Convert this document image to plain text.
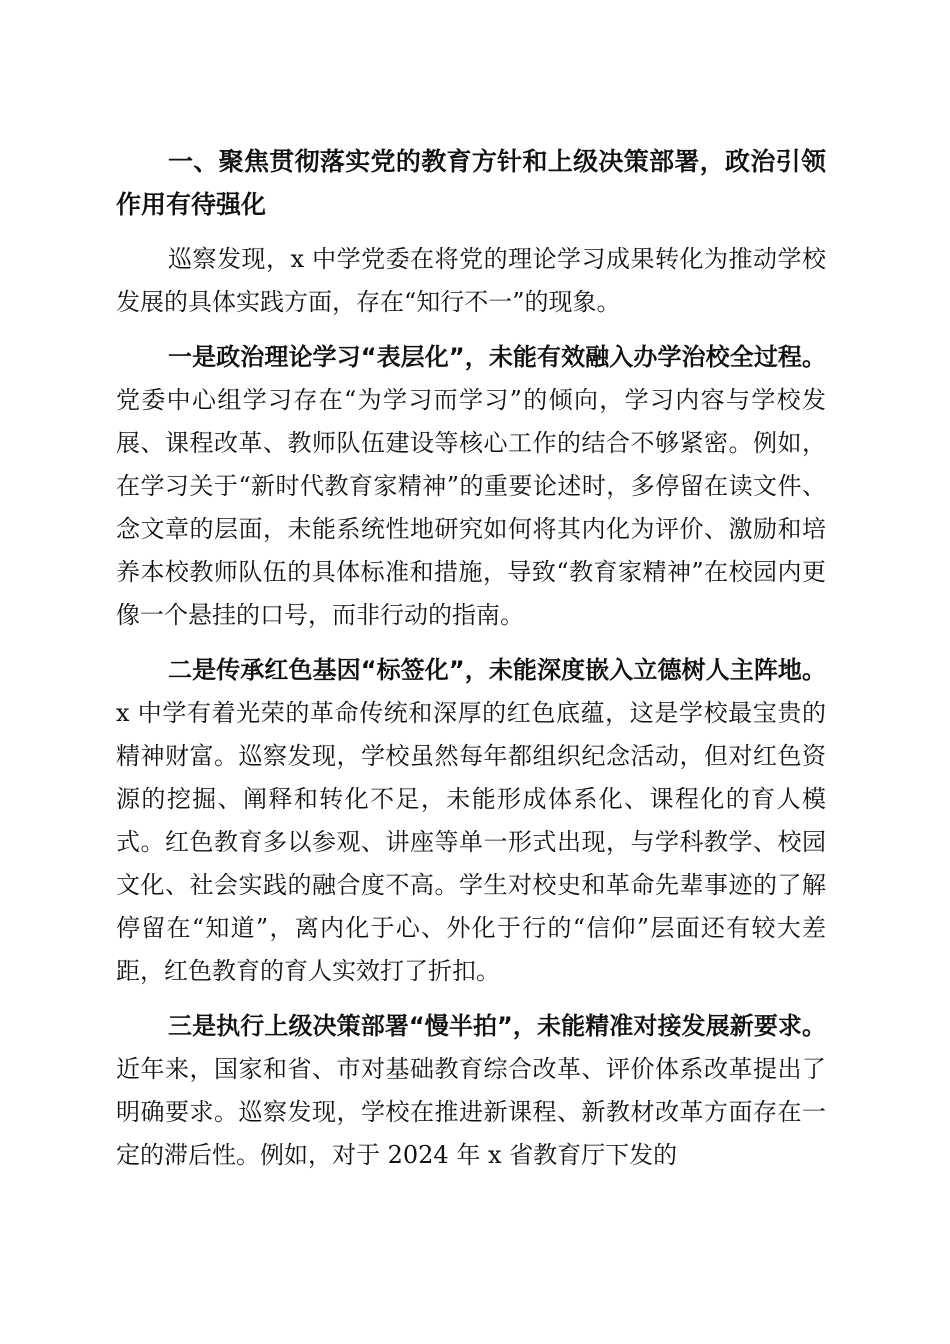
一、聚焦贯彻落实党的教育方针和上级决策部署，政治引领作用有待强化

巡察发现，x 中学党委在将党的理论学习成果转化为推动学校发展的具体实践方面，存在“知行不一”的现象。

一是政治理论学习“表层化”，未能有效融入办学治校全过程。党委中心组学习存在“为学习而学习”的倾向，学习内容与学校发展、课程改革、教师队伍建设等核心工作的结合不够紧密。例如，在学习关于“新时代教育家精神”的重要论述时，多停留在读文件、念文章的层面，未能系统性地研究如何将其内化为评价、激励和培养本校教师队伍的具体标准和措施，导致“教育家精神”在校园内更像一个悬挂的口号，而非行动的指南。

二是传承红色基因“标签化”，未能深度嵌入立德树人主阵地。x 中学有着光荣的革命传统和深厚的红色底蕴，这是学校最宝贵的精神财富。巡察发现，学校虽然每年都组织纪念活动，但对红色资源的挖掘、阐释和转化不足，未能形成体系化、课程化的育人模式。红色教育多以参观、讲座等单一形式出现，与学科教学、校园文化、社会实践的融合度不高。学生对校史和革命先辈事迹的了解停留在“知道”，离内化于心、外化于行的“信仰”层面还有较大差距，红色教育的育人实效打了折扣。

三是执行上级决策部署“慢半拍”，未能精准对接发展新要求。近年来，国家和省、市对基础教育综合改革、评价体系改革提出了明确要求。巡察发现，学校在推进新课程、新教材改革方面存在一定的滞后性。例如，对于 2024 年 x 省教育厅下发的
